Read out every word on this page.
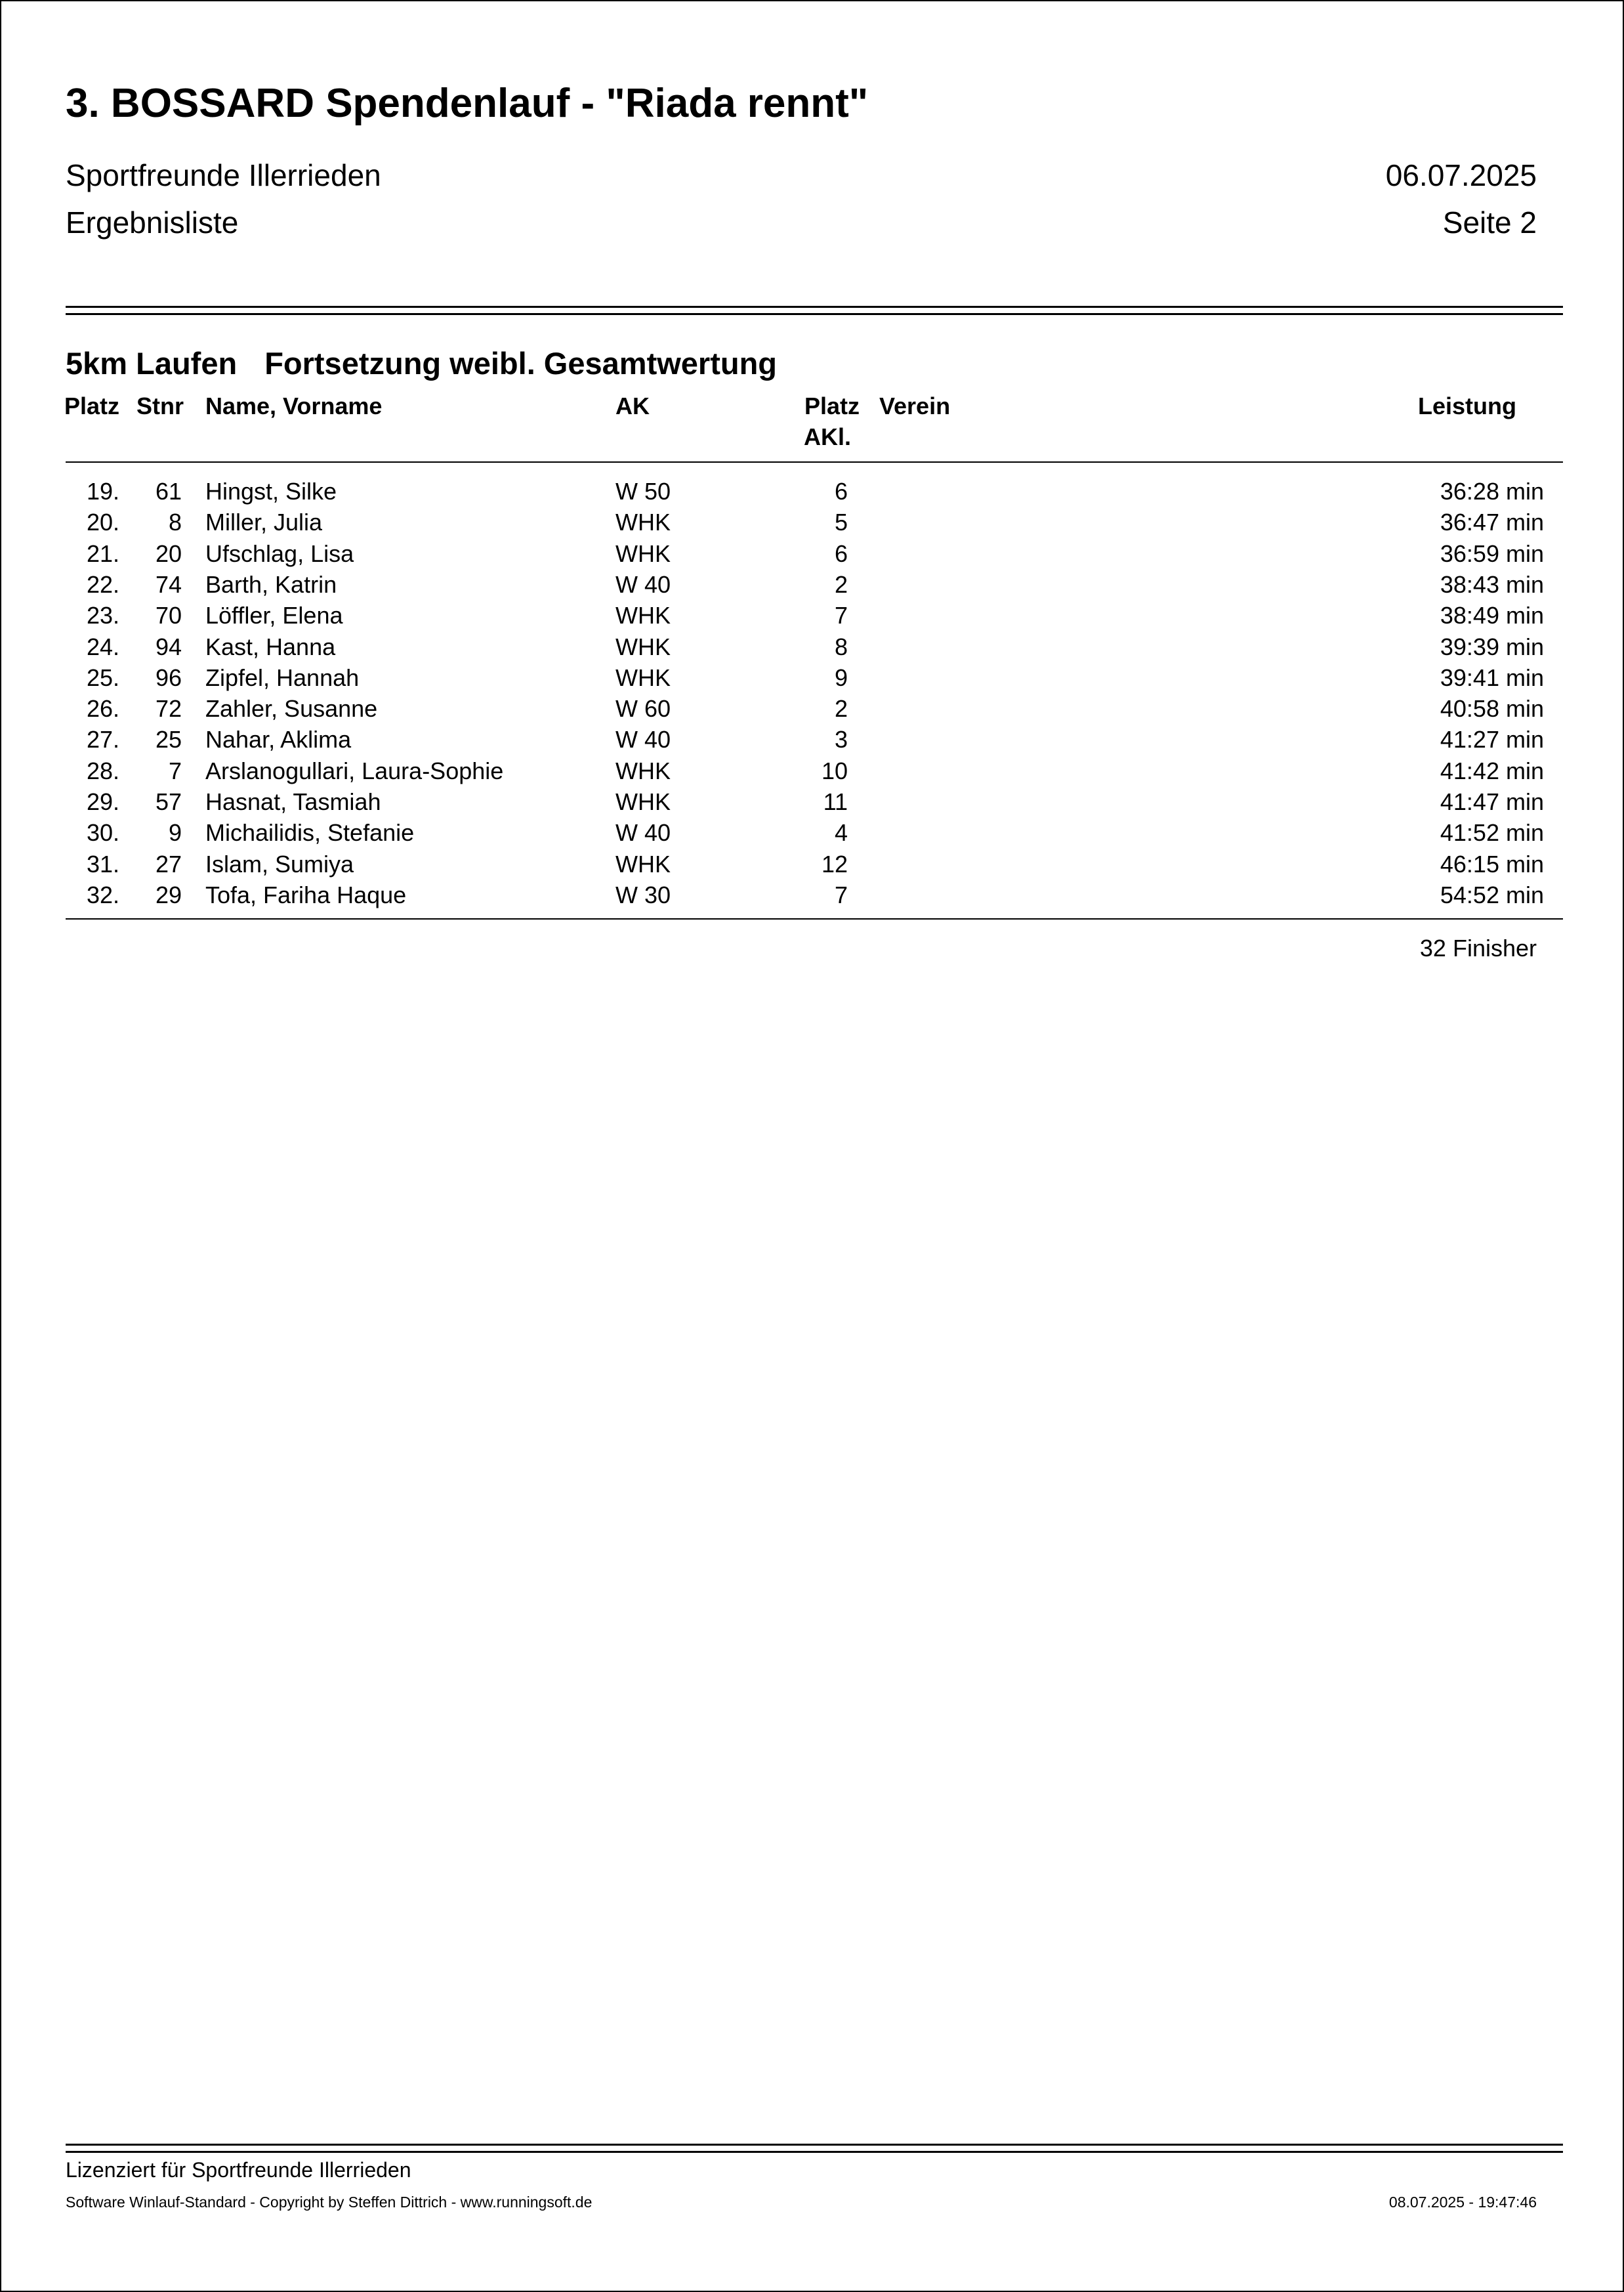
3. BOSSARD Spendenlauf - "Riada rennt"
Sportfreunde Illerrieden	06.07.2025
Ergebnisliste	Seite 2
5km Laufen Fortsetzung weibl. Gesamtwertung
Platz Stnr Name, Vorname	AK	Platz
AKl.
Verein	Leistung
19. 61 Hingst, Silke	W 50	6	36:28 min
20. 8 Miller, Julia	WHK	5	36:47 min
21. 20 Ufschlag, Lisa	WHK	6	36:59 min
22. 74 Barth, Katrin	W 40	2	38:43 min
23. 70 Löffler, Elena	WHK	7	38:49 min
24. 94 Kast, Hanna	WHK	8	39:39 min
25. 96 Zipfel, Hannah	WHK	9	39:41 min
26. 72 Zahler, Susanne	W 60	2	40:58 min
27. 25 Nahar, Aklima	W 40	3	41:27 min
28. 7 Arslanogullari, Laura-Sophie	WHK	10	41:42 min
29. 57 Hasnat, Tasmiah	WHK	11	41:47 min
30. 9 Michailidis, Stefanie	W 40	4	41:52 min
31. 27 Islam, Sumiya	WHK	12	46:15 min
32. 29 Tofa, Fariha Haque	W 30	7	54:52 min
32 Finisher
Lizenziert für Sportfreunde Illerrieden
Software Winlauf-Standard - Copyright by Steffen Dittrich - www.runningsoft.de	08.07.2025 - 19:47:46
